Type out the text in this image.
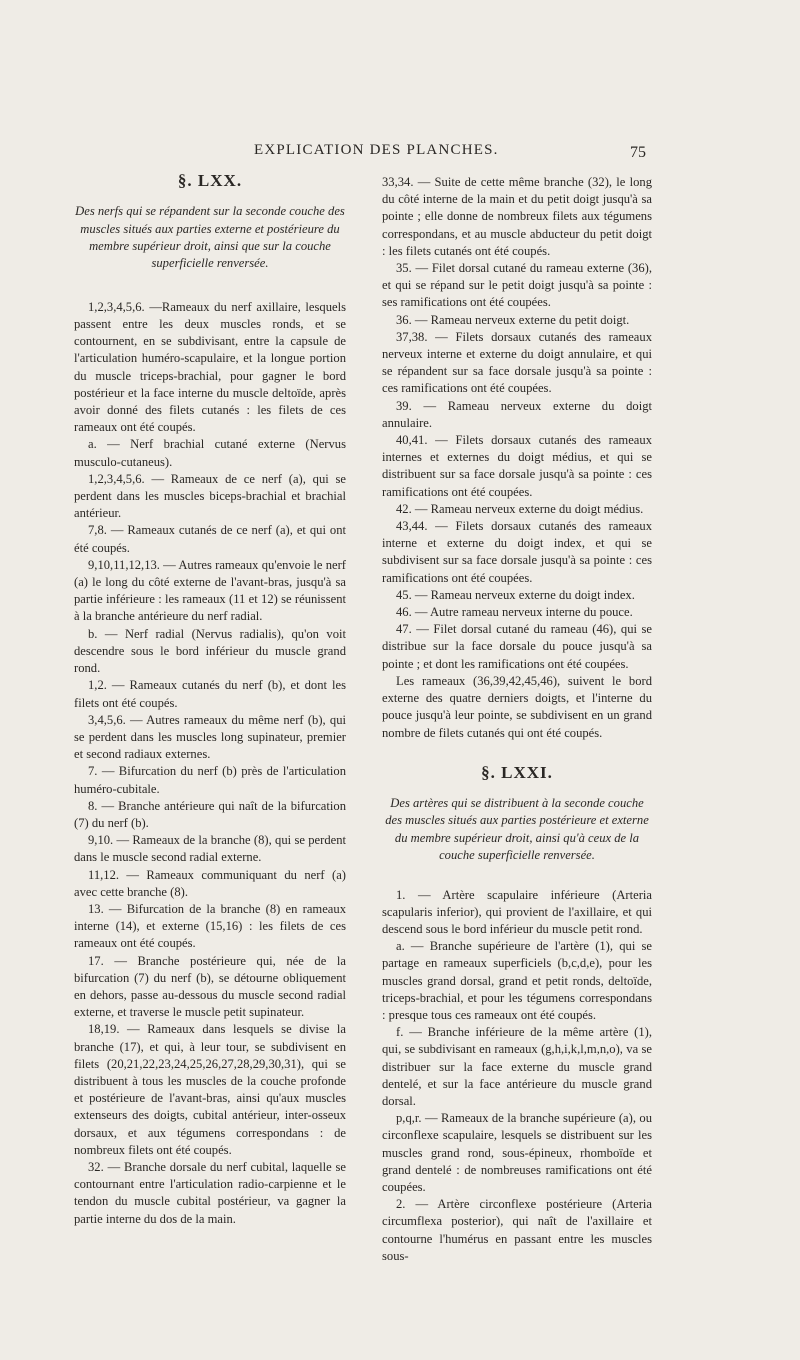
EXPLICATION DES PLANCHES.	75
§. LXX.
Des nerfs qui se répandent sur la seconde couche des muscles situés aux parties externe et postérieure du membre supérieur droit, ainsi que sur la couche superficielle renversée.

1,2,3,4,5,6. —Rameaux du nerf axillaire, lesquels passent entre les deux muscles ronds, et se contournent, en se subdivisant, entre la capsule de l'articulation huméro-scapulaire, et la longue portion du muscle triceps-brachial, pour gagner le bord postérieur et la face interne du muscle deltoïde, après avoir donné des filets cutanés : les filets de ces rameaux ont été coupés.

a. — Nerf brachial cutané externe (Nervus musculo-cutaneus).

1,2,3,4,5,6. — Rameaux de ce nerf (a), qui se perdent dans les muscles biceps-brachial et brachial antérieur.

7,8. — Rameaux cutanés de ce nerf (a), et qui ont été coupés.

9,10,11,12,13. — Autres rameaux qu'envoie le nerf (a) le long du côté externe de l'avant-bras, jusqu'à sa partie inférieure : les rameaux (11 et 12) se réunissent à la branche antérieure du nerf radial.

b. — Nerf radial (Nervus radialis), qu'on voit descendre sous le bord inférieur du muscle grand rond.

1,2. — Rameaux cutanés du nerf (b), et dont les filets ont été coupés.

3,4,5,6. — Autres rameaux du même nerf (b), qui se perdent dans les muscles long supinateur, premier et second radiaux externes.

7. — Bifurcation du nerf (b) près de l'articulation huméro-cubitale.

8. — Branche antérieure qui naît de la bifurcation (7) du nerf (b).

9,10. — Rameaux de la branche (8), qui se perdent dans le muscle second radial externe.

11,12. — Rameaux communiquant du nerf (a) avec cette branche (8).

13. — Bifurcation de la branche (8) en rameaux interne (14), et externe (15,16) : les filets de ces rameaux ont été coupés.

17. — Branche postérieure qui, née de la bifurcation (7) du nerf (b), se détourne obliquement en dehors, passe au-dessous du muscle second radial externe, et traverse le muscle petit supinateur.

18,19. — Rameaux dans lesquels se divise la branche (17), et qui, à leur tour, se subdivisent en filets (20,21,22,23,24,25,26,27,28,29,30,31), qui se distribuent à tous les muscles de la couche profonde et postérieure de l'avant-bras, ainsi qu'aux muscles extenseurs des doigts, cubital antérieur, inter-osseux dorsaux, et aux tégumens correspondans : de nombreux filets ont été coupés.

32. — Branche dorsale du nerf cubital, laquelle se contournant entre l'articulation radio-carpienne et le tendon du muscle cubital postérieur, va gagner la partie interne du dos de la main.

33,34. — Suite de cette même branche (32), le long du côté interne de la main et du petit doigt jusqu'à sa pointe ; elle donne de nombreux filets aux tégumens correspondans, et au muscle abducteur du petit doigt : les filets cutanés ont été coupés.

35. — Filet dorsal cutané du rameau externe (36), et qui se répand sur le petit doigt jusqu'à sa pointe : ses ramifications ont été coupées.

36. — Rameau nerveux externe du petit doigt.

37,38. — Filets dorsaux cutanés des rameaux nerveux interne et externe du doigt annulaire, et qui se répandent sur sa face dorsale jusqu'à sa pointe : ces ramifications ont été coupées.

39. — Rameau nerveux externe du doigt annulaire.

40,41. — Filets dorsaux cutanés des rameaux internes et externes du doigt médius, et qui se distribuent sur sa face dorsale jusqu'à sa pointe : ces ramifications ont été coupées.

42. — Rameau nerveux externe du doigt médius.

43,44. — Filets dorsaux cutanés des rameaux interne et externe du doigt index, et qui se subdivisent sur sa face dorsale jusqu'à sa pointe : ces ramifications ont été coupées.

45. — Rameau nerveux externe du doigt index.

46. — Autre rameau nerveux interne du pouce.

47. — Filet dorsal cutané du rameau (46), qui se distribue sur la face dorsale du pouce jusqu'à sa pointe ; et dont les ramifications ont été coupées.

Les rameaux (36,39,42,45,46), suivent le bord externe des quatre derniers doigts, et l'interne du pouce jusqu'à leur pointe, se subdivisent en un grand nombre de filets cutanés qui ont été coupés.

§. LXXI.
Des artères qui se distribuent à la seconde couche des muscles situés aux parties postérieure et externe du membre supérieur droit, ainsi qu'à ceux de la couche superficielle renversée.

1. — Artère scapulaire inférieure (Arteria scapularis inferior), qui provient de l'axillaire, et qui descend sous le bord inférieur du muscle petit rond.

a. — Branche supérieure de l'artère (1), qui se partage en rameaux superficiels (b,c,d,e), pour les muscles grand dorsal, grand et petit ronds, deltoïde, triceps-brachial, et pour les tégumens correspondans : presque tous ces rameaux ont été coupés.

f. — Branche inférieure de la même artère (1), qui, se subdivisant en rameaux (g,h,i,k,l,m,n,o), va se distribuer sur la face externe du muscle grand dentelé, et sur la face antérieure du muscle grand dorsal.

p,q,r. — Rameaux de la branche supérieure (a), ou circonflexe scapulaire, lesquels se distribuent sur les muscles grand rond, sous-épineux, rhomboïde et grand dentelé : de nombreuses ramifications ont été coupées.

2. — Artère circonflexe postérieure (Arteria circumflexa posterior), qui naît de l'axillaire et contourne l'humérus en passant entre les muscles sous-
